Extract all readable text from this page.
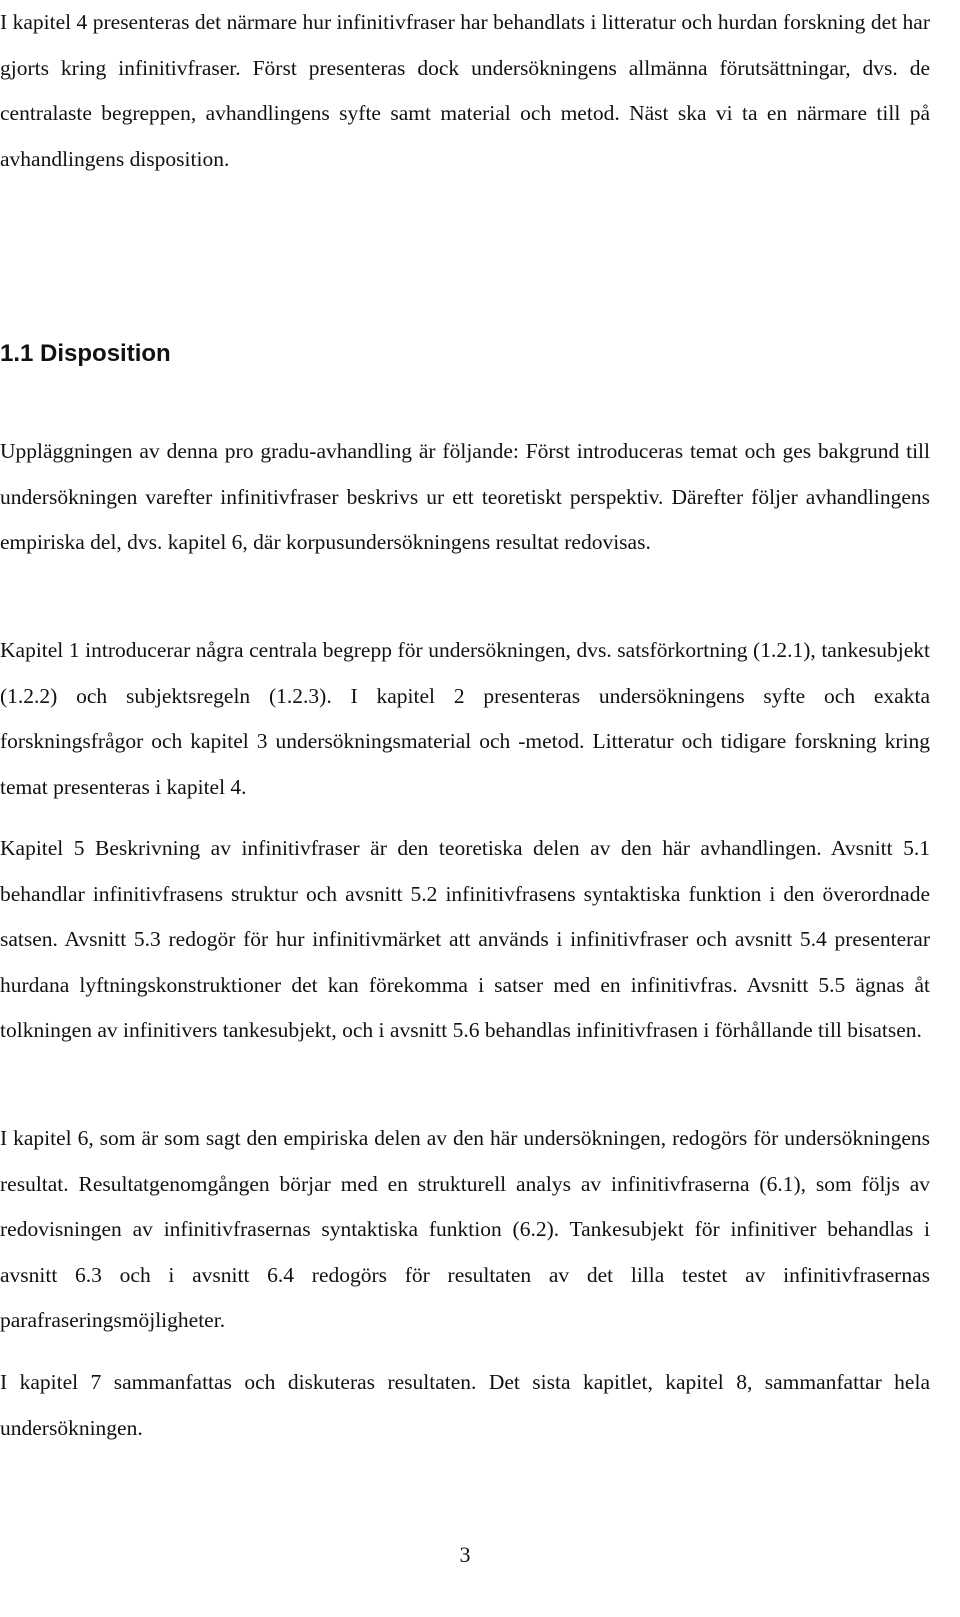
I kapitel 4 presenteras det närmare hur infinitivfraser har behandlats i litteratur och hurdan forskning det har gjorts kring infinitivfraser. Först presenteras dock undersökningens allmänna förutsättningar, dvs. de centralaste begreppen, avhandlingens syfte samt material och metod. Näst ska vi ta en närmare till på avhandlingens disposition.

1.1 Disposition

Uppläggningen av denna pro gradu-avhandling är följande: Först introduceras temat och ges bakgrund till undersökningen varefter infinitivfraser beskrivs ur ett teoretiskt perspektiv. Därefter följer avhandlingens empiriska del, dvs. kapitel 6, där korpusundersökningens resultat redovisas.

Kapitel 1 introducerar några centrala begrepp för undersökningen, dvs. satsförkortning (1.2.1), tankesubjekt (1.2.2) och subjektsregeln (1.2.3). I kapitel 2 presenteras undersökningens syfte och exakta forskningsfrågor och kapitel 3 undersökningsmaterial och -metod. Litteratur och tidigare forskning kring temat presenteras i kapitel 4.

Kapitel 5 Beskrivning av infinitivfraser är den teoretiska delen av den här avhandlingen. Avsnitt 5.1 behandlar infinitivfrasens struktur och avsnitt 5.2 infinitivfrasens syntaktiska funktion i den överordnade satsen. Avsnitt 5.3 redogör för hur infinitivmärket att används i infinitivfraser och avsnitt 5.4 presenterar hurdana lyftningskonstruktioner det kan förekomma i satser med en infinitivfras. Avsnitt 5.5 ägnas åt tolkningen av infinitivers tankesubjekt, och i avsnitt 5.6 behandlas infinitivfrasen i förhållande till bisatsen.

I kapitel 6, som är som sagt den empiriska delen av den här undersökningen, redogörs för undersökningens resultat. Resultatgenomgången börjar med en strukturell analys av infinitivfraserna (6.1), som följs av redovisningen av infinitivfrasernas syntaktiska funktion (6.2). Tankesubjekt för infinitiver behandlas i avsnitt 6.3 och i avsnitt 6.4 redogörs för resultaten av det lilla testet av infinitivfrasernas parafraseringsmöjligheter.

I kapitel 7 sammanfattas och diskuteras resultaten. Det sista kapitlet, kapitel 8, sammanfattar hela undersökningen.

3
